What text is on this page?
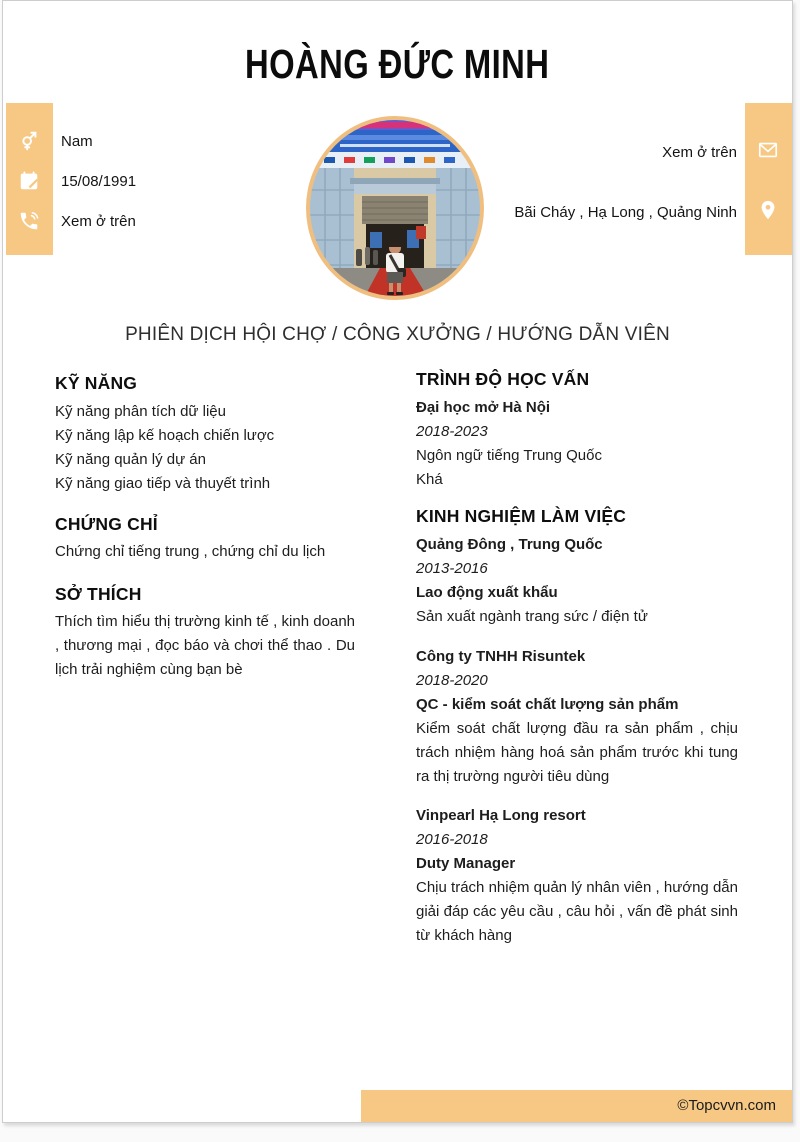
HOÀNG ĐỨC MINH
Nam
15/08/1991
Xem ở trên
Xem ở trên
Bãi Cháy , Hạ Long , Quảng Ninh
PHIÊN DỊCH HỘI CHỢ / CÔNG XƯỞNG / HƯỚNG DẪN VIÊN
KỸ NĂNG
Kỹ năng phân tích dữ liệu
Kỹ năng lập kế hoạch chiến lược
Kỹ năng quản lý dự án
Kỹ năng giao tiếp và thuyết trình
CHỨNG CHỈ
Chứng chỉ tiếng trung , chứng chỉ du lịch
SỞ THÍCH
Thích tìm hiểu thị trường kinh tế , kinh doanh , thương mại , đọc báo và chơi thể thao . Du lịch trải nghiệm cùng bạn bè
TRÌNH ĐỘ HỌC VẤN
Đại học mở Hà Nội
2018-2023
Ngôn ngữ tiếng Trung Quốc
Khá
KINH NGHIỆM LÀM VIỆC
Quảng Đông , Trung Quốc
2013-2016
Lao động xuất khẩu
Sản xuất ngành trang sức / điện tử
Công ty TNHH Risuntek
2018-2020
QC - kiểm soát chất lượng sản phẩm
Kiểm soát chất lượng đầu ra sản phẩm , chịu trách nhiệm hàng hoá sản phẩm trước khi tung ra thị trường người tiêu dùng
Vinpearl Hạ Long resort
2016-2018
Duty Manager
Chịu trách nhiệm quản lý nhân viên , hướng dẫn giải đáp các yêu cầu , câu hỏi , vấn đề phát sinh từ khách hàng
©Topcvvn.com
